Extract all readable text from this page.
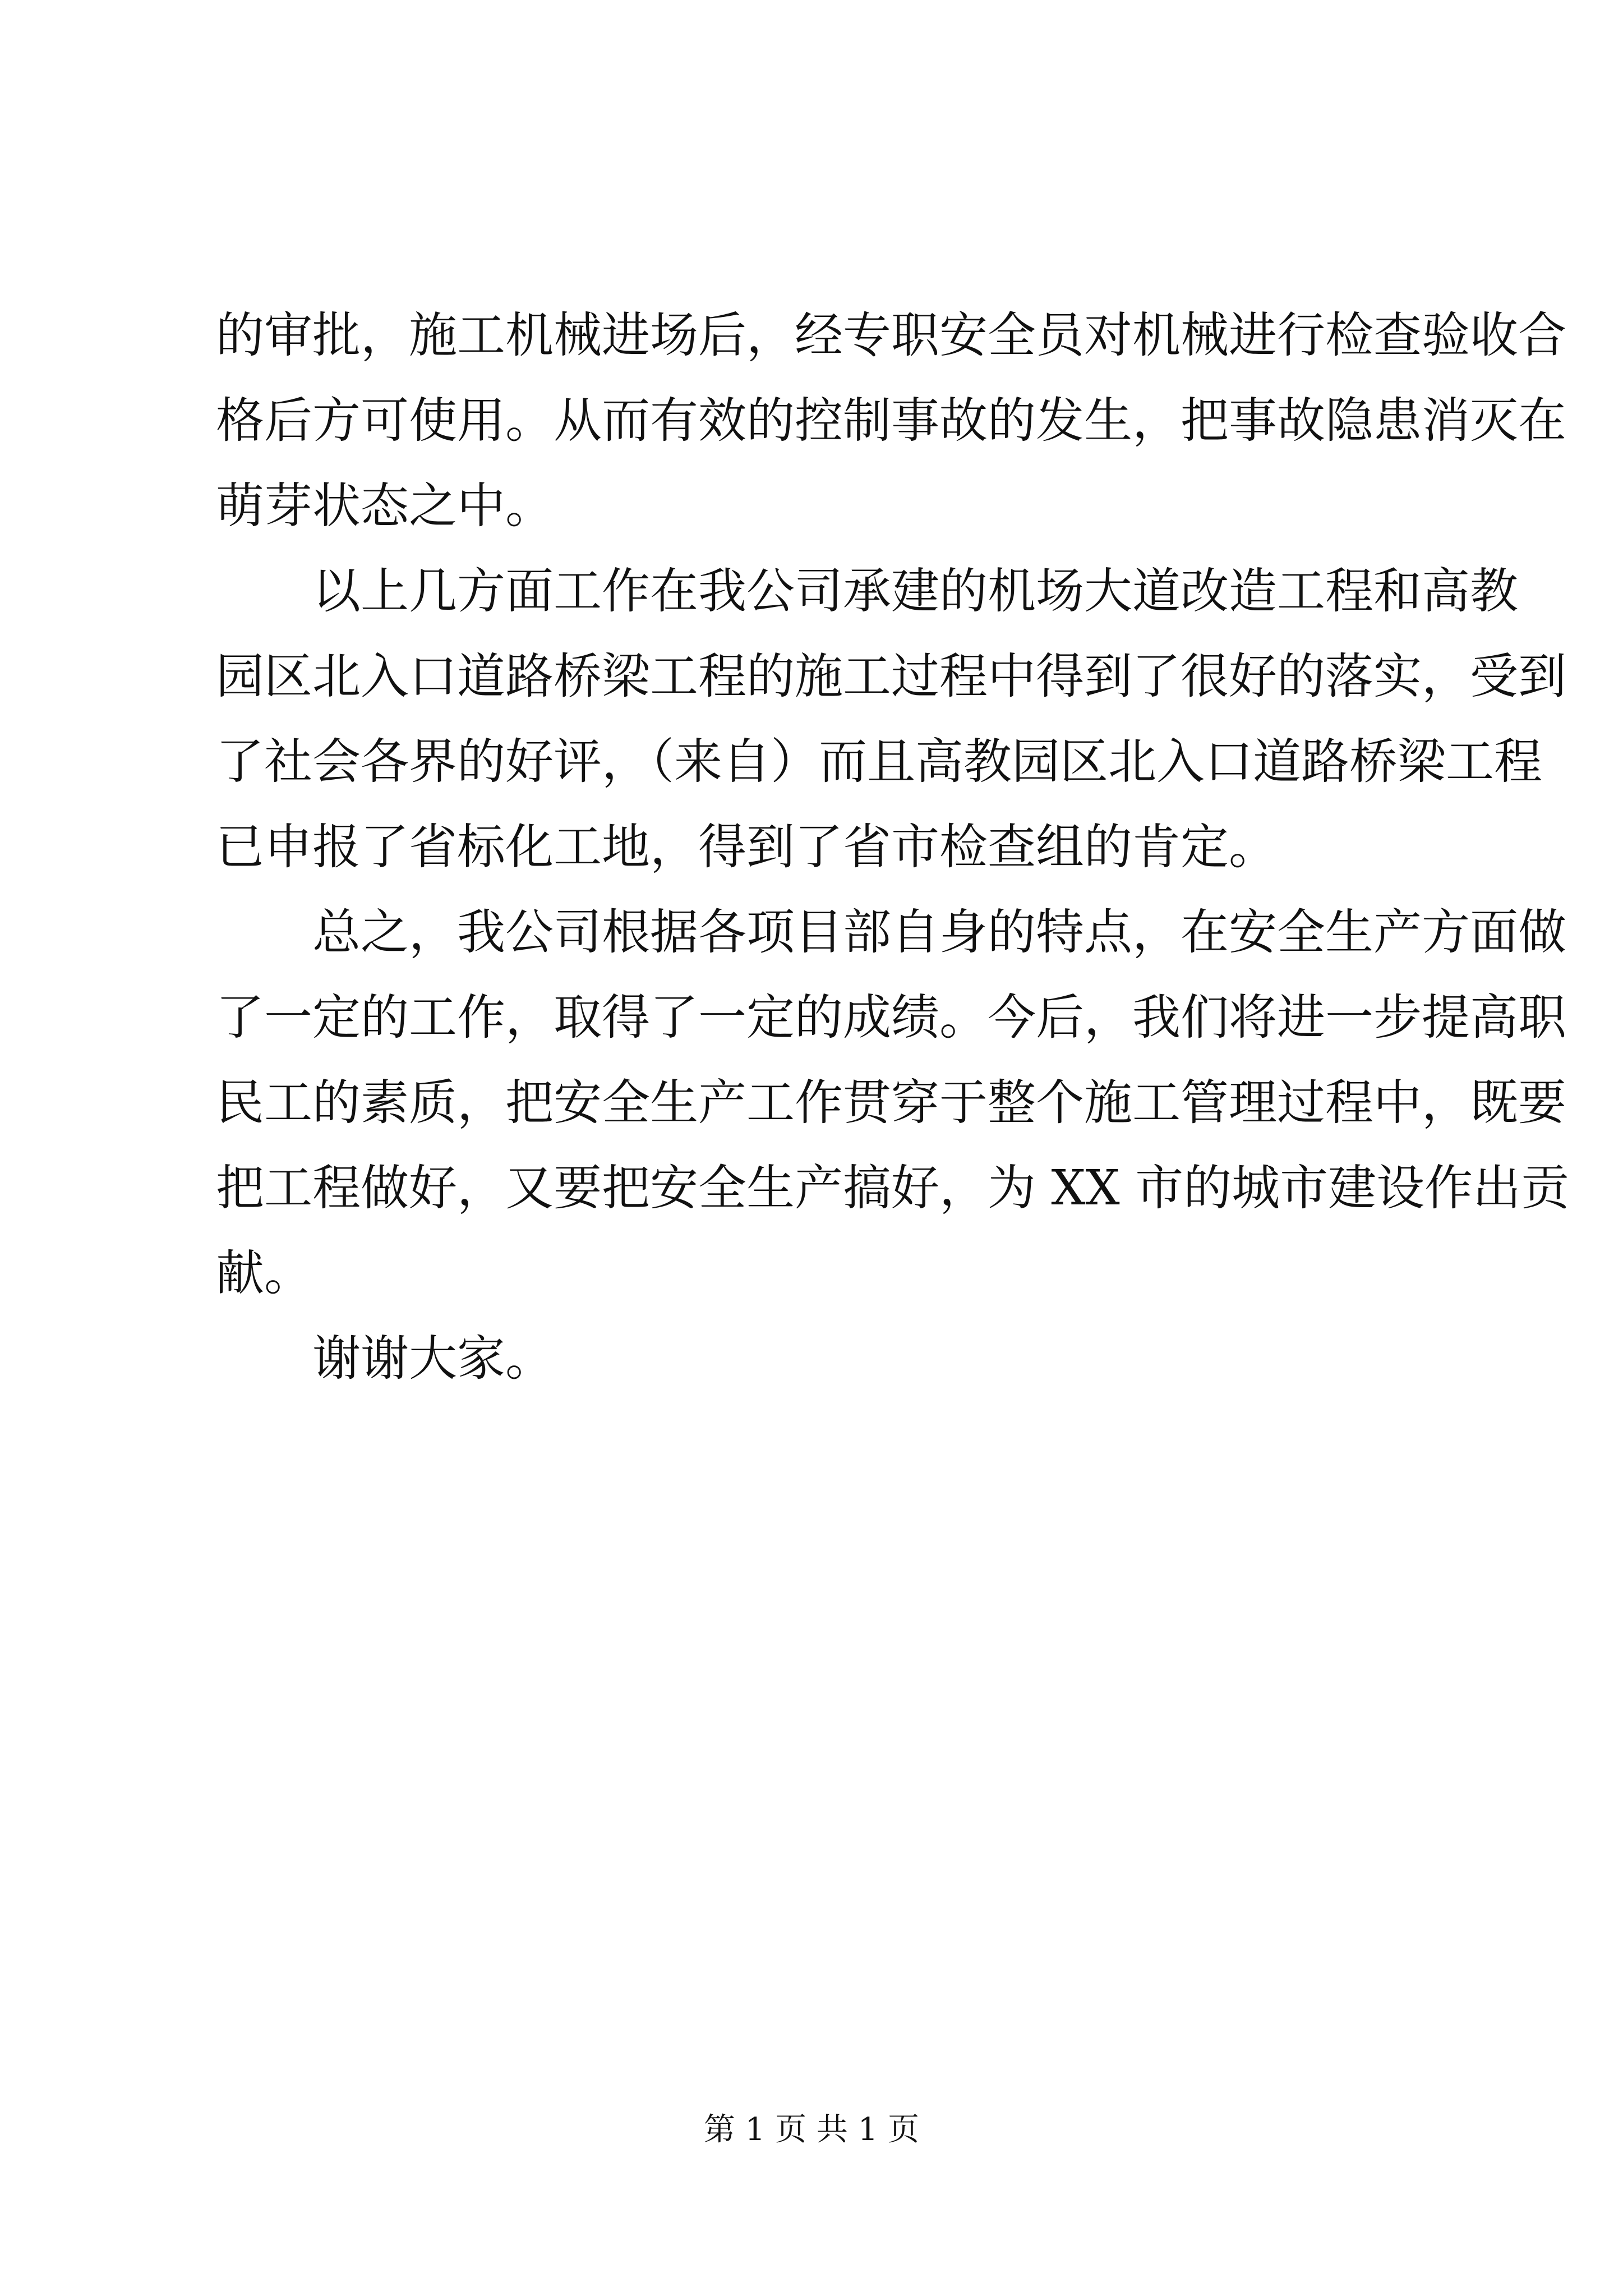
的审批，施工机械进场后，经专职安全员对机械进行检查验收合
格后方可使用。从而有效的控制事故的发生，把事故隐患消灭在
萌芽状态之中。
　　以上几方面工作在我公司承建的机场大道改造工程和高教
园区北入口道路桥梁工程的施工过程中得到了很好的落实，受到
了社会各界的好评，（来自）而且高教园区北入口道路桥梁工程
已申报了省标化工地，得到了省市检查组的肯定。
　　总之，我公司根据各项目部自身的特点，在安全生产方面做
了一定的工作，取得了一定的成绩。今后，我们将进一步提高职
民工的素质，把安全生产工作贯穿于整个施工管理过程中，既要
把工程做好，又要把安全生产搞好，为 XX 市的城市建设作出贡
献。
　　谢谢大家。
第 1 页 共 1 页
